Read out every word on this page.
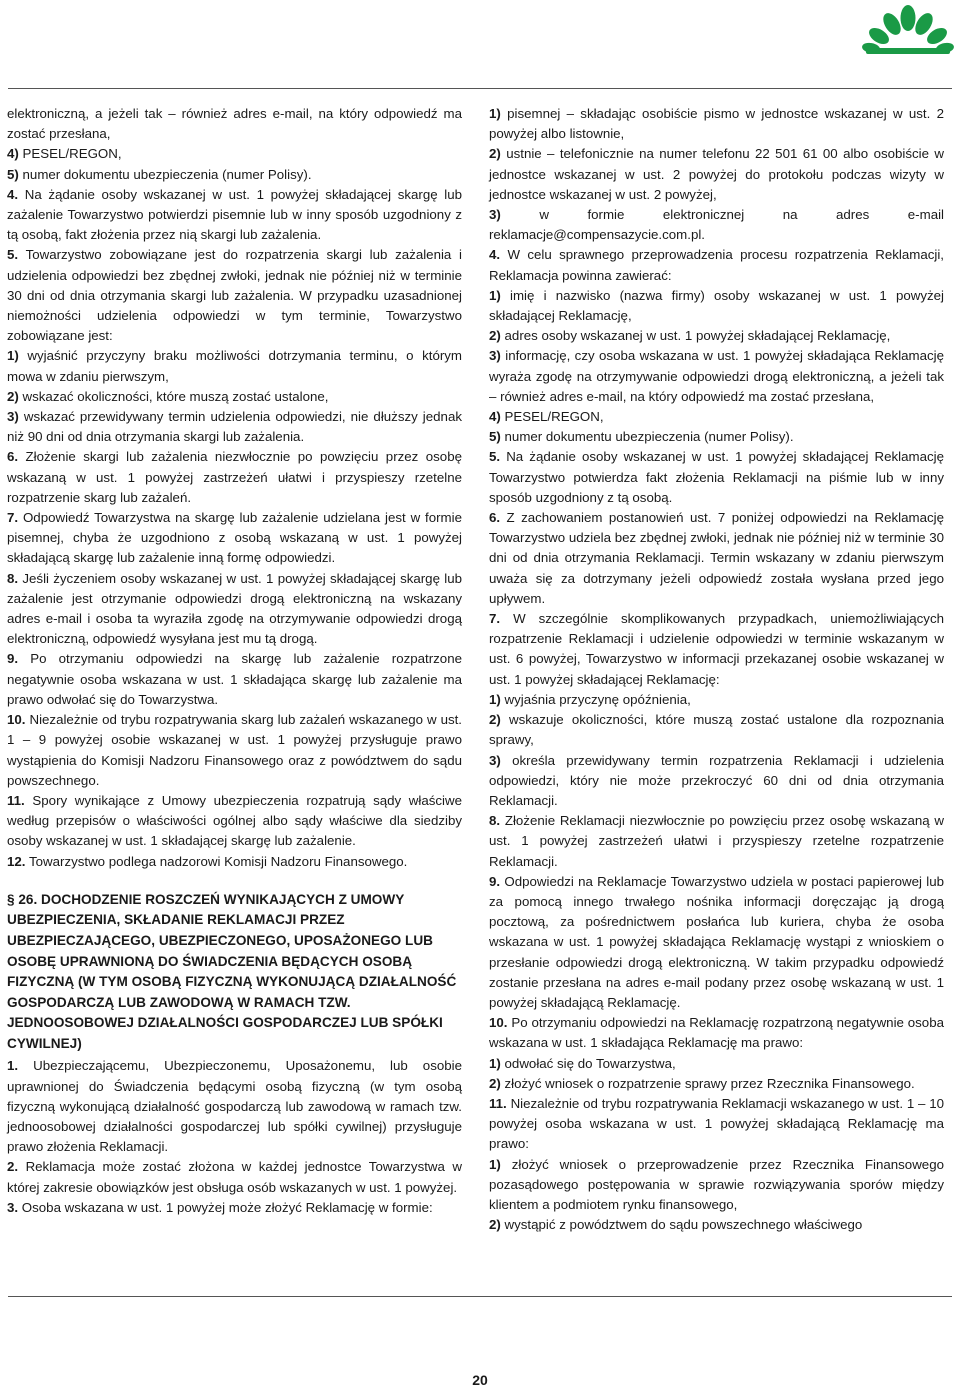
elektroniczną, a jeżeli tak – również adres e-mail, na który odpowiedź ma zostać przesłana,

4) PESEL/REGON,

5) numer dokumentu ubezpieczenia (numer Polisy).

4. Na żądanie osoby wskazanej w ust. 1 powyżej składającej skargę lub zażalenie Towarzystwo potwierdzi pisemnie lub w inny sposób uzgodniony z tą osobą, fakt złożenia przez nią skargi lub zażalenia.

5. Towarzystwo zobowiązane jest do rozpatrzenia skargi lub zażalenia i udzielenia odpowiedzi bez zbędnej zwłoki, jednak nie później niż w terminie 30 dni od dnia otrzymania skargi lub zażalenia. W przypadku uzasadnionej niemożności udzielenia odpowiedzi w tym terminie, Towarzystwo zobowiązane jest:

1) wyjaśnić przyczyny braku możliwości dotrzymania terminu, o którym mowa w zdaniu pierwszym,

2) wskazać okoliczności, które muszą zostać ustalone,

3) wskazać przewidywany termin udzielenia odpowiedzi, nie dłuższy jednak niż 90 dni od dnia otrzymania skargi lub zażalenia.

6. Złożenie skargi lub zażalenia niezwłocznie po powzięciu przez osobę wskazaną w ust. 1 powyżej zastrzeżeń ułatwi i przyspieszy rzetelne rozpatrzenie skarg lub zażaleń.

7. Odpowiedź Towarzystwa na skargę lub zażalenie udzielana jest w formie pisemnej, chyba że uzgodniono z osobą wskazaną w ust. 1 powyżej składającą skargę lub zażalenie inną formę odpowiedzi.

8. Jeśli życzeniem osoby wskazanej w ust. 1 powyżej składającej skargę lub zażalenie jest otrzymanie odpowiedzi drogą elektroniczną na wskazany adres e-mail i osoba ta wyraziła zgodę na otrzymywanie odpowiedzi drogą elektroniczną, odpowiedź wysyłana jest mu tą drogą.

9. Po otrzymaniu odpowiedzi na skargę lub zażalenie rozpatrzone negatywnie osoba wskazana w ust. 1 składająca skargę lub zażalenie ma prawo odwołać się do Towarzystwa.

10. Niezależnie od trybu rozpatrywania skarg lub zażaleń wskazanego w ust. 1 – 9 powyżej osobie wskazanej w ust. 1 powyżej przysługuje prawo wystąpienia do Komisji Nadzoru Finansowego oraz z powództwem do sądu powszechnego.

11. Spory wynikające z Umowy ubezpieczenia rozpatrują sądy właściwe według przepisów o właściwości ogólnej albo sądy właściwe dla siedziby osoby wskazanej w ust. 1 składającej skargę lub zażalenie.

12. Towarzystwo podlega nadzorowi Komisji Nadzoru Finansowego.

§ 26. DOCHODZENIE ROSZCZEŃ WYNIKAJĄCYCH Z UMOWY UBEZPIECZENIA, SKŁADANIE REKLAMACJI PRZEZ UBEZPIECZAJĄCEGO, UBEZPIECZONEGO, UPOSAŻONEGO LUB OSOBĘ UPRAWNIONĄ DO ŚWIADCZENIA BĘDĄCYCH OSOBĄ FIZYCZNĄ (W TYM OSOBĄ FIZYCZNĄ WYKONUJĄCĄ DZIAŁALNOŚĆ GOSPODARCZĄ LUB ZAWODOWĄ W RAMACH TZW. JEDNOOSOBOWEJ DZIAŁALNOŚCI GOSPODARCZEJ LUB SPÓŁKI CYWILNEJ)

1. Ubezpieczającemu, Ubezpieczonemu, Uposażonemu, lub osobie uprawnionej do Świadczenia będącymi osobą fizyczną (w tym osobą fizyczną wykonującą działalność gospodarczą lub zawodową w ramach tzw. jednoosobowej działalności gospodarczej lub spółki cywilnej) przysługuje prawo złożenia Reklamacji.

2. Reklamacja może zostać złożona w każdej jednostce Towarzystwa w której zakresie obowiązków jest obsługa osób wskazanych w ust. 1 powyżej.

3. Osoba wskazana w ust. 1 powyżej może złożyć Reklamację w formie:

1) pisemnej – składając osobiście pismo w jednostce wskazanej w ust. 2 powyżej albo listownie,

2) ustnie – telefonicznie na numer telefonu 22 501 61 00 albo osobiście w jednostce wskazanej w ust. 2 powyżej do protokołu podczas wizyty w jednostce wskazanej w ust. 2 powyżej,

3)	w formie elektronicznej na adres e-mail reklamacje@compensazycie.com.pl.

4. W celu sprawnego przeprowadzenia procesu rozpatrzenia Reklamacji, Reklamacja powinna zawierać:

1) imię i nazwisko (nazwa firmy) osoby wskazanej w ust. 1 powyżej składającej Reklamację,

2) adres osoby wskazanej w ust. 1 powyżej składającej Reklamację,

3) informację, czy osoba wskazana w ust. 1 powyżej składająca Reklamację wyraża zgodę na otrzymywanie odpowiedzi drogą elektroniczną, a jeżeli tak – również adres e-mail, na który odpowiedź ma zostać przesłana,

4) PESEL/REGON,

5) numer dokumentu ubezpieczenia (numer Polisy).

5. Na żądanie osoby wskazanej w ust. 1 powyżej składającej Reklamację Towarzystwo potwierdza fakt złożenia Reklamacji na piśmie lub w inny sposób uzgodniony z tą osobą.

6. Z zachowaniem postanowień ust. 7 poniżej odpowiedzi na Reklamację Towarzystwo udziela bez zbędnej zwłoki, jednak nie później niż w terminie 30 dni od dnia otrzymania Reklamacji. Termin wskazany w zdaniu pierwszym uważa się za dotrzymany jeżeli odpowiedź została wysłana przed jego upływem.

7. W szczególnie skomplikowanych przypadkach, uniemożliwiających rozpatrzenie Reklamacji i udzielenie odpowiedzi w terminie wskazanym w ust. 6 powyżej, Towarzystwo w informacji przekazanej osobie wskazanej w ust. 1 powyżej składającej Reklamację:

1) wyjaśnia przyczynę opóźnienia,

2) wskazuje okoliczności, które muszą zostać ustalone dla rozpoznania sprawy,

3) określa przewidywany termin rozpatrzenia Reklamacji i udzielenia odpowiedzi, który nie może przekroczyć 60 dni od dnia otrzymania Reklamacji.

8. Złożenie Reklamacji niezwłocznie po powzięciu przez osobę wskazaną w ust. 1 powyżej zastrzeżeń ułatwi i przyspieszy rzetelne rozpatrzenie Reklamacji.

9. Odpowiedzi na Reklamacje Towarzystwo udziela w postaci papierowej lub za pomocą innego trwałego nośnika informacji doręczając ją drogą pocztową, za pośrednictwem posłańca lub kuriera, chyba że osoba wskazana w ust. 1 powyżej składająca Reklamację wystąpi z wnioskiem o przesłanie odpowiedzi drogą elektroniczną. W takim przypadku odpowiedź zostanie przesłana na adres e-mail podany przez osobę wskazaną w ust. 1 powyżej składającą Reklamację.

10. Po otrzymaniu odpowiedzi na Reklamację rozpatrzoną negatywnie osoba wskazana w ust. 1 składająca Reklamację ma prawo:

1) odwołać się do Towarzystwa,

2) złożyć wniosek o rozpatrzenie sprawy przez Rzecznika Finansowego.

11. Niezależnie od trybu rozpatrywania Reklamacji wskazanego w ust. 1 – 10 powyżej osoba wskazana w ust. 1 powyżej składającą Reklamację ma prawo:

1) złożyć wniosek o przeprowadzenie przez Rzecznika Finansowego pozasądowego postępowania w sprawie rozwiązywania sporów między klientem a podmiotem rynku finansowego,

2) wystąpić z powództwem do sądu powszechnego właściwego

20
